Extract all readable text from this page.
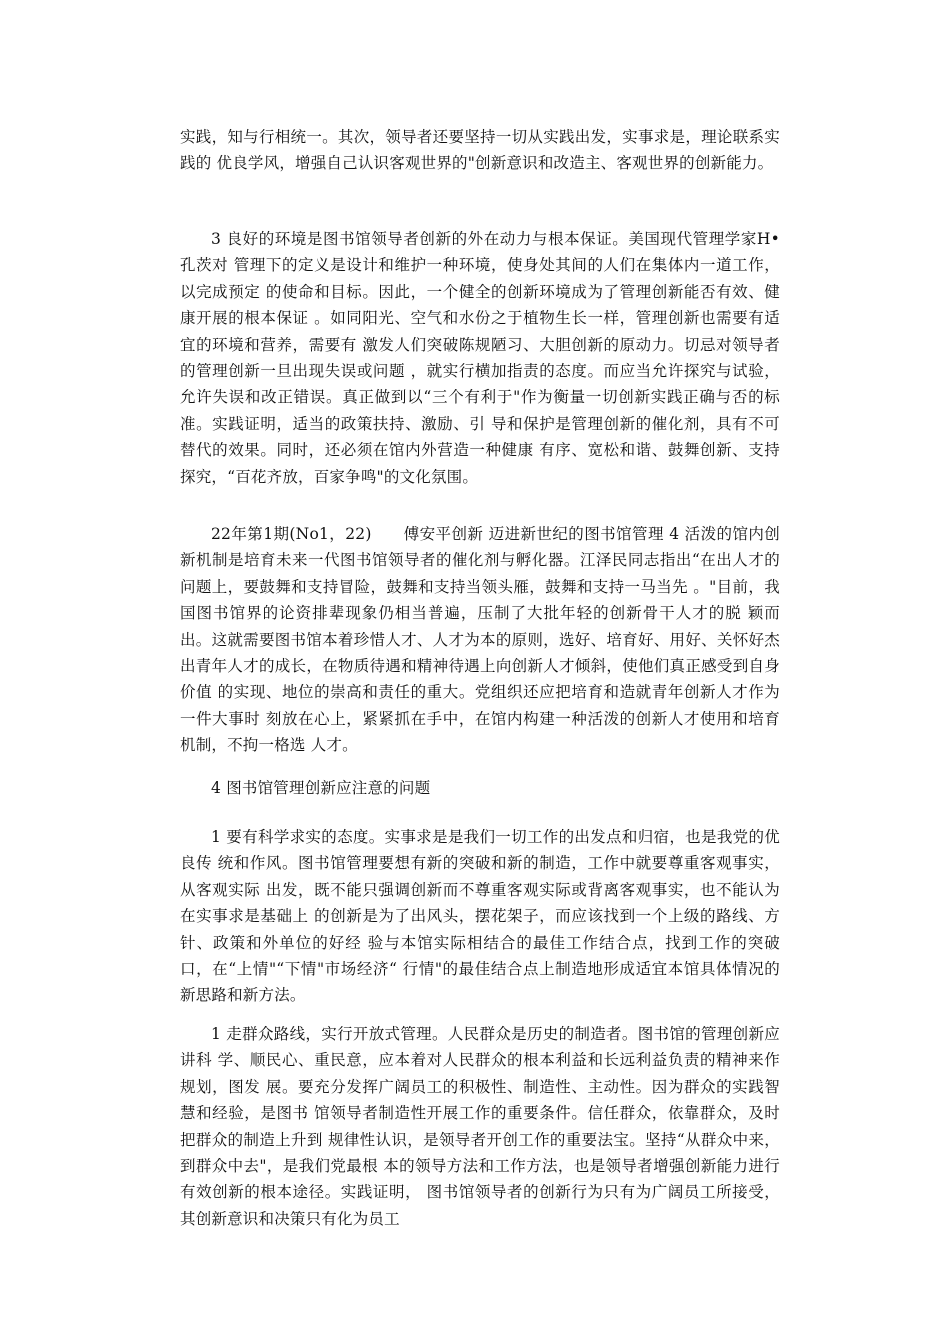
实践，知与行相统一。其次，领导者还要坚持一切从实践出发，实事求是，理论联系实践的 优良学风，增强自己认识客观世界的"创新意识和改造主、客观世界的创新能力。

3 良好的环境是图书馆领导者创新的外在动力与根本保证。美国现代管理学家H•孔茨对 管理下的定义是设计和维护一种环境，使身处其间的人们在集体内一道工作，以完成预定 的使命和目标。因此，一个健全的创新环境成为了管理创新能否有效、健康开展的根本保证 。如同阳光、空气和水份之于植物生长一样，管理创新也需要有适宜的环境和营养，需要有 激发人们突破陈规陋习、大胆创新的原动力。切忌对领导者的管理创新一旦出现失误或问题 ，就实行横加指责的态度。而应当允许探究与试验，允许失误和改正错误。真正做到以“三个有利于"作为衡量一切创新实践正确与否的标准。实践证明，适当的政策扶持、激励、引 导和保护是管理创新的催化剂，具有不可替代的效果。同时，还必须在馆内外营造一种健康 有序、宽松和谐、鼓舞创新、支持探究，“百花齐放，百家争鸣"的文化氛围。

22年第1期(No1，22)　　傅安平创新 迈进新世纪的图书馆管理 4 活泼的馆内创新机制是培育未来一代图书馆领导者的催化剂与孵化器。江泽民同志指出“在出人才的问题上，要鼓舞和支持冒险，鼓舞和支持当领头雁，鼓舞和支持一马当先 。"目前，我国图书馆界的论资排辈现象仍相当普遍，压制了大批年轻的创新骨干人才的脱 颖而出。这就需要图书馆本着珍惜人才、人才为本的原则，选好、培育好、用好、关怀好杰 出青年人才的成长，在物质待遇和精神待遇上向创新人才倾斜，使他们真正感受到自身价值 的实现、地位的崇高和责任的重大。党组织还应把培育和造就青年创新人才作为一件大事时 刻放在心上，紧紧抓在手中，在馆内构建一种活泼的创新人才使用和培育机制，不拘一格选 人才。

4 图书馆管理创新应注意的问题

1 要有科学求实的态度。实事求是是我们一切工作的出发点和归宿，也是我党的优良传 统和作风。图书馆管理要想有新的突破和新的制造，工作中就要尊重客观事实，从客观实际 出发，既不能只强调创新而不尊重客观实际或背离客观事实，也不能认为在实事求是基础上 的创新是为了出风头，摆花架子，而应该找到一个上级的路线、方针、政策和外单位的好经 验与本馆实际相结合的最佳工作结合点，找到工作的突破口，在“上情"“下情"市场经济“ 行情"的最佳结合点上制造地形成适宜本馆具体情况的新思路和新方法。

1 走群众路线，实行开放式管理。人民群众是历史的制造者。图书馆的管理创新应讲科 学、顺民心、重民意，应本着对人民群众的根本利益和长远利益负责的精神来作规划，图发 展。要充分发挥广阔员工的积极性、制造性、主动性。因为群众的实践智慧和经验，是图书 馆领导者制造性开展工作的重要条件。信任群众，依靠群众，及时把群众的制造上升到 规律性认识，是领导者开创工作的重要法宝。坚持“从群众中来，到群众中去"，是我们党最根 本的领导方法和工作方法，也是领导者增强创新能力进行有效创新的根本途径。实践证明， 图书馆领导者的创新行为只有为广阔员工所接受，其创新意识和决策只有化为员工
